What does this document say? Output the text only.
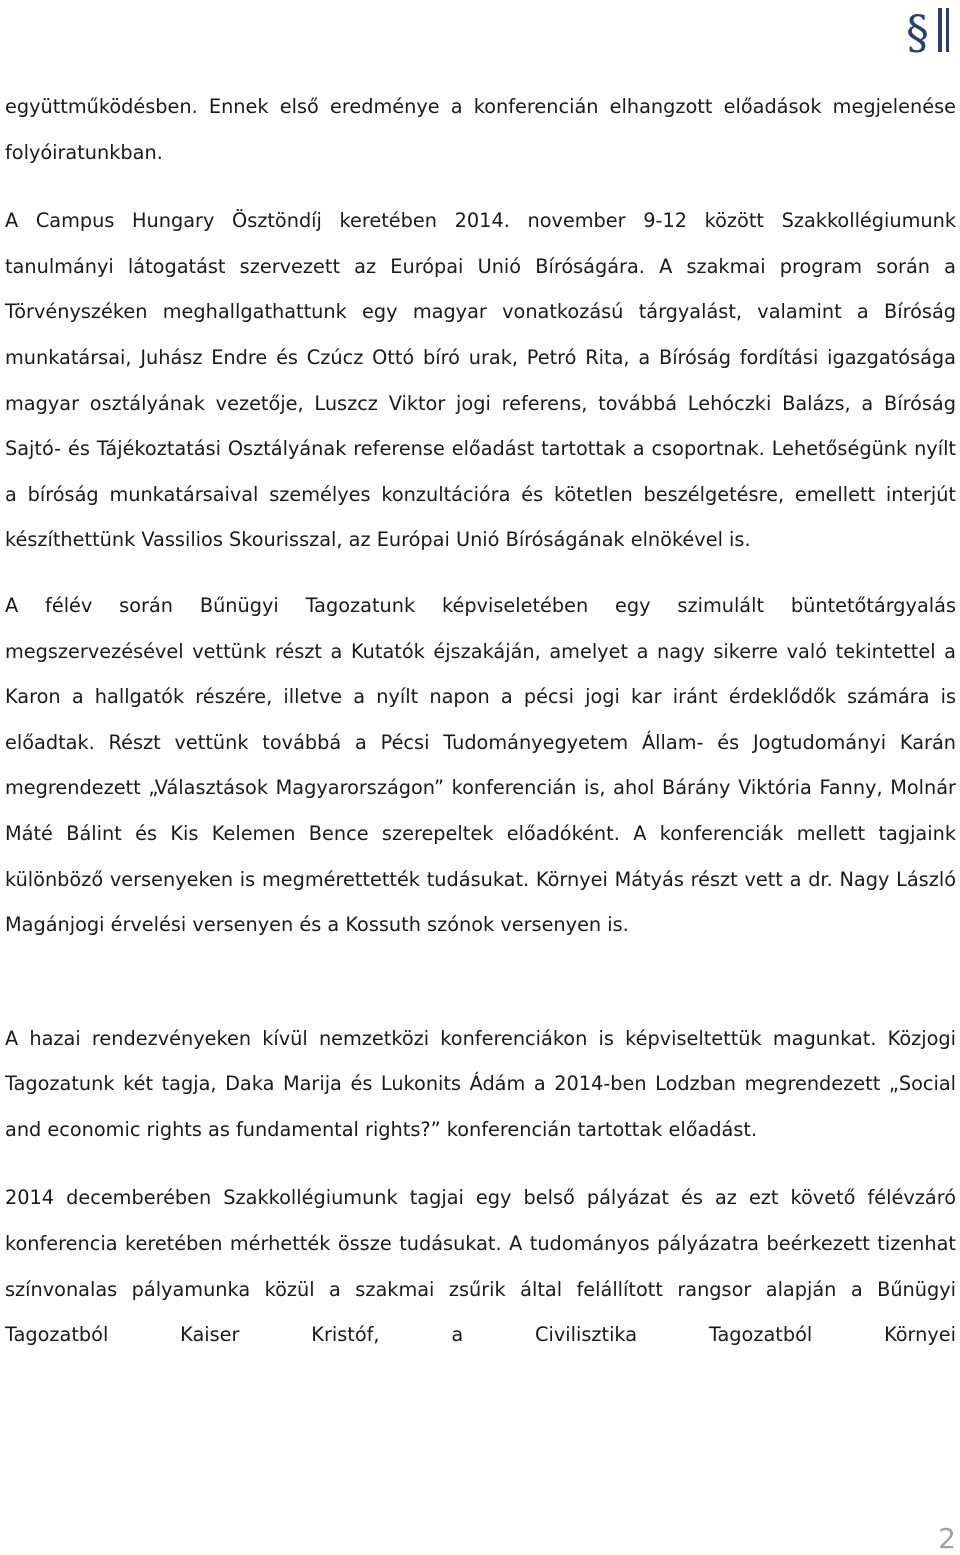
§

együttműködésben. Ennek első eredménye a konferencián elhangzott előadások megjelenése folyóiratunkban.

A Campus Hungary Ösztöndíj keretében 2014. november 9-12 között Szakkollégiumunk tanulmányi látogatást szervezett az Európai Unió Bíróságára. A szakmai program során a Törvényszéken meghallgathattunk egy magyar vonatkozású tárgyalást, valamint a Bíróság munkatársai, Juhász Endre és Czúcz Ottó bíró urak, Petró Rita, a Bíróság fordítási igazgatósága magyar osztályának vezetője, Luszcz Viktor jogi referens, továbbá Lehóczki Balázs, a Bíróság Sajtó- és Tájékoztatási Osztályának referense előadást tartottak a csoportnak. Lehetőségünk nyílt a bíróság munkatársaival személyes konzultációra és kötetlen beszélgetésre, emellett interjút készíthettünk Vassilios Skourisszal, az Európai Unió Bíróságának elnökével is.

A félév során Bűnügyi Tagozatunk képviseletében egy szimulált büntetőtárgyalás megszervezésével vettünk részt a Kutatók éjszakáján, amelyet a nagy sikerre való tekintettel a Karon a hallgatók részére, illetve a nyílt napon a pécsi jogi kar iránt érdeklődők számára is előadtak. Részt vettünk továbbá a Pécsi Tudományegyetem Állam- és Jogtudományi Karán megrendezett „Választások Magyarországon” konferencián is, ahol Bárány Viktória Fanny, Molnár Máté Bálint és Kis Kelemen Bence szerepeltek előadóként. A konferenciák mellett tagjaink különböző versenyeken is megmérettették tudásukat. Környei Mátyás részt vett a dr. Nagy László Magánjogi érvelési versenyen és a Kossuth szónok versenyen is.

A hazai rendezvényeken kívül nemzetközi konferenciákon is képviseltettük magunkat. Közjogi Tagozatunk két tagja, Daka Marija és Lukonits Ádám a 2014-ben Lodzban megrendezett „Social and economic rights as fundamental rights?” konferencián tartottak előadást.

2014 decemberében Szakkollégiumunk tagjai egy belső pályázat és az ezt követő félévzáró konferencia keretében mérhették össze tudásukat. A tudományos pályázatra beérkezett tizenhat színvonalas pályamunka közül a szakmai zsűrik által felállított rangsor alapján a Bűnügyi Tagozatból Kaiser Kristóf, a Civilisztika Tagozatból Környei

2
